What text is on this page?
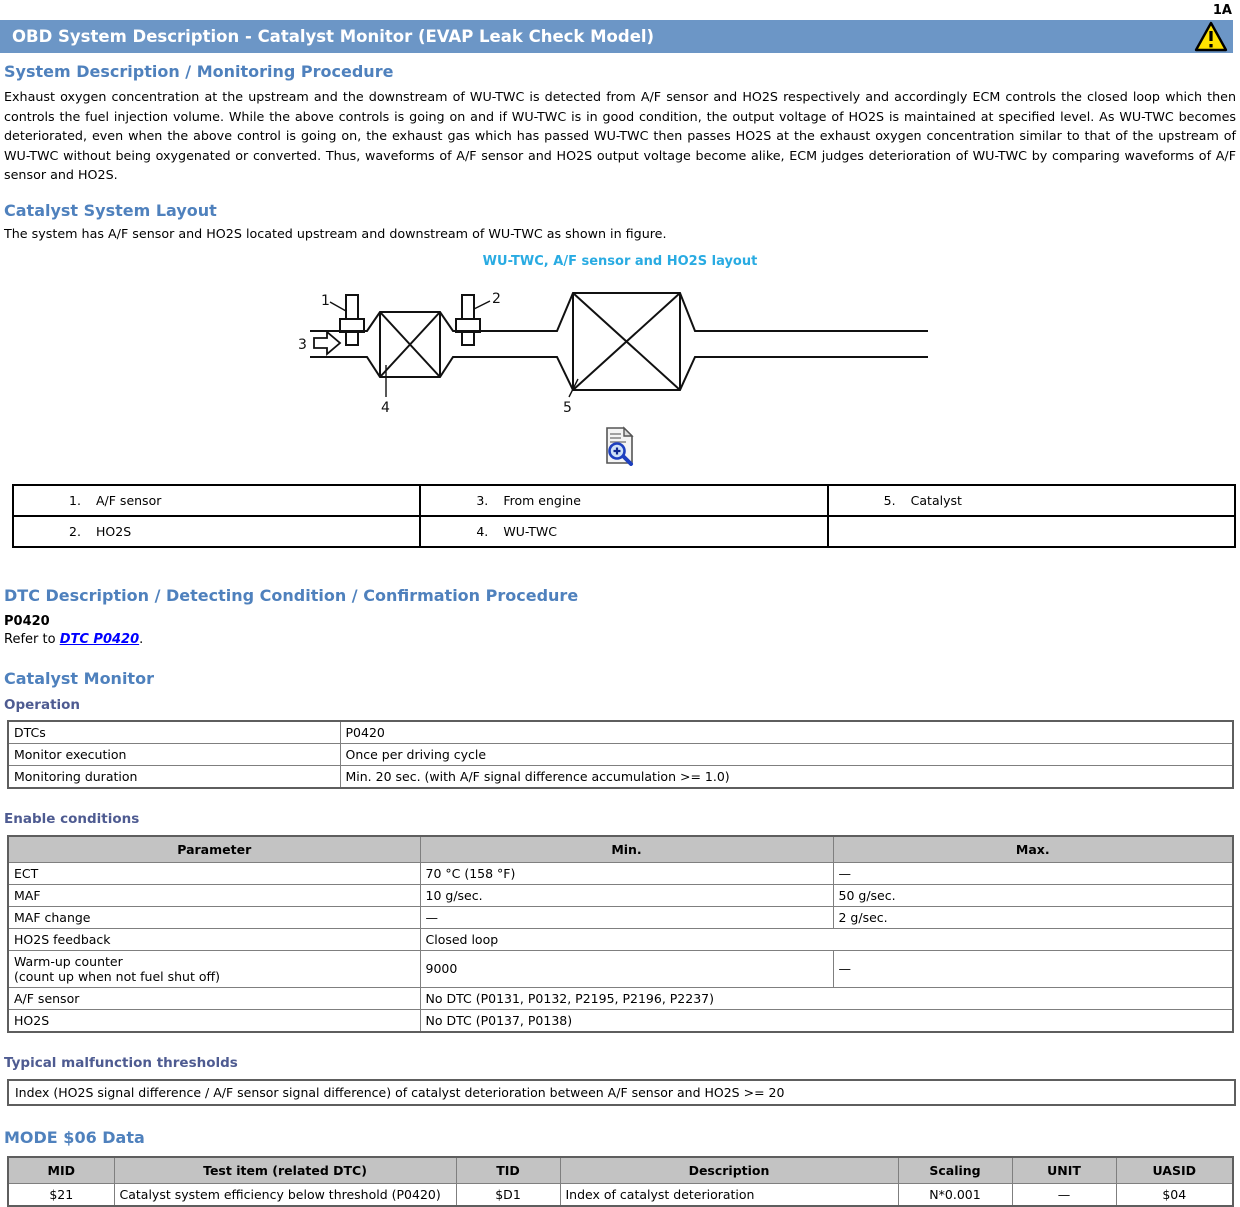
1A
OBD System Description - Catalyst Monitor (EVAP Leak Check Model)
System Description / Monitoring Procedure
Exhaust oxygen concentration at the upstream and the downstream of WU-TWC is detected from A/F sensor and HO2S respectively and accordingly ECM controls the closed loop which then controls the fuel injection volume. While the above controls is going on and if WU-TWC is in good condition, the output voltage of HO2S is maintained at specified level. As WU-TWC becomes deteriorated, even when the above control is going on, the exhaust gas which has passed WU-TWC then passes HO2S at the exhaust oxygen concentration similar to that of the upstream of WU-TWC without being oxygenated or converted. Thus, waveforms of A/F sensor and HO2S output voltage become alike, ECM judges deterioration of WU-TWC by comparing waveforms of A/F sensor and HO2S.
Catalyst System Layout
The system has A/F sensor and HO2S located upstream and downstream of WU-TWC as shown in figure.
WU-TWC, A/F sensor and HO2S layout
1	2
3
4	5
1. A/F sensor	3. From engine	5. Catalyst
2. HO2S	4. WU-TWC	
DTC Description / Detecting Condition / Confirmation Procedure
P0420
Refer to DTC P0420.
Catalyst Monitor
Operation
DTCs	P0420
Monitor execution	Once per driving cycle
Monitoring duration	Min. 20 sec. (with A/F signal difference accumulation >= 1.0)
Enable conditions
Parameter	Min.	Max.
ECT	70 °C (158 °F)	—
MAF	10 g/sec.	50 g/sec.
MAF change	—	2 g/sec.
HO2S feedback	Closed loop	

Warm-up counter
(count up when not fuel shut off)	9000	—
A/F sensor	No DTC (P0131, P0132, P2195, P2196, P2237)	
HO2S	No DTC (P0137, P0138)	
Typical malfunction thresholds
Index (HO2S signal difference / A/F sensor signal difference) of catalyst deterioration between A/F sensor and HO2S >= 20
MODE $06 Data
MID	Test item (related DTC)	TID	Description	Scaling	UNIT	UASID
$21	Catalyst system efficiency below threshold (P0420)	$D1	Index of catalyst deterioration	N*0.001	—	$04
